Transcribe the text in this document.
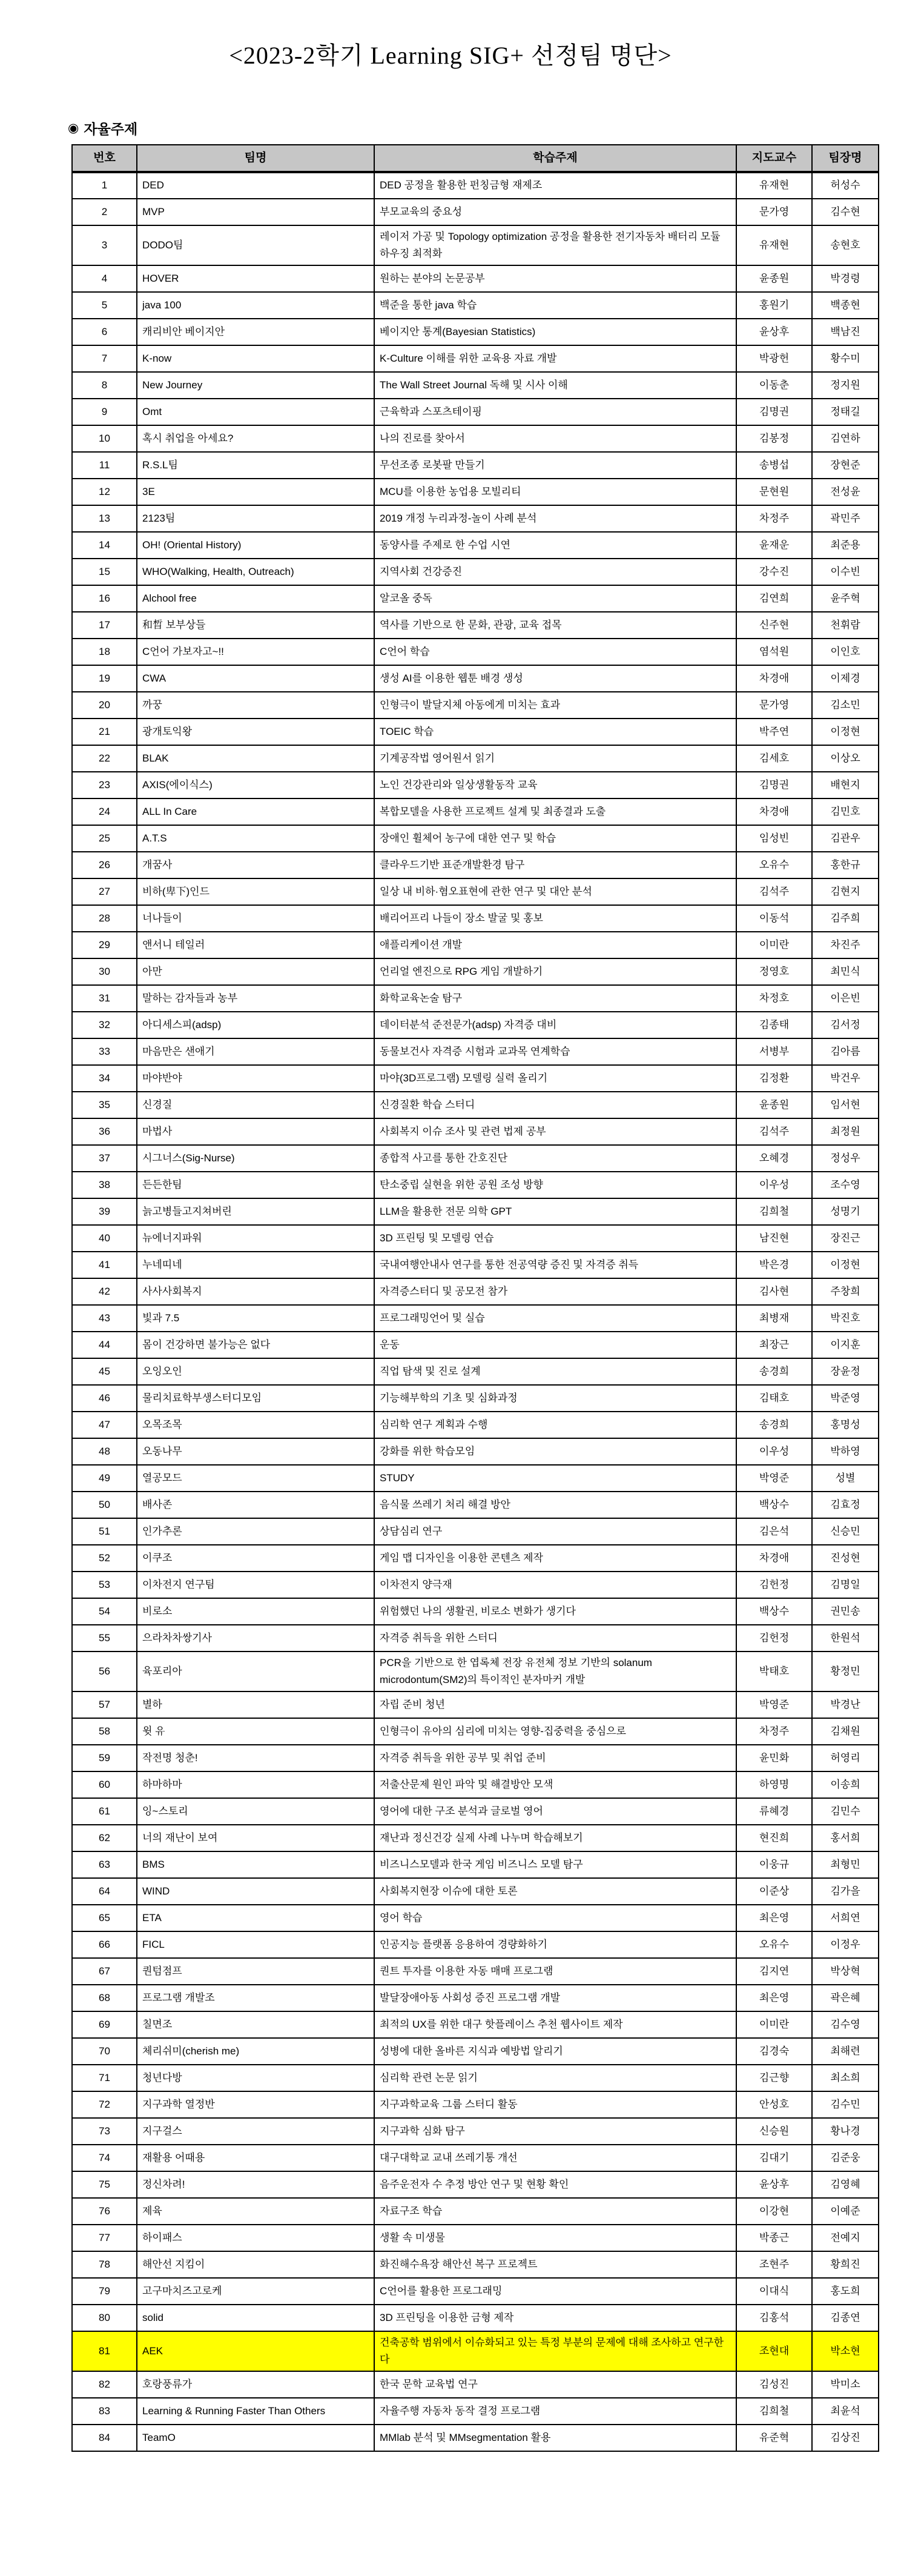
<2023-2학기 Learning SIG+ 선정팀 명단>
◉ 자율주제
번호	팀명	학습주제	지도교수	팀장명
1	DED	DED 공정을 활용한 펀칭금형 재제조	유재현	허성수
2	MVP	부모교육의 중요성	문가영	김수현
3	DODO팀	레이저 가공 및 Topology optimization 공정을 활용한 전기자동차 배터리 모듈 하우징 최적화	유재현	송현호
4	HOVER	원하는 분야의 논문공부	윤종원	박경령
5	java 100	백준을 통한 java 학습	홍원기	백종현
6	캐리비안 베이지안	베이지안 통계(Bayesian Statistics)	윤상후	백남진
7	K-now	K-Culture 이해를 위한 교육용 자료 개발	박광헌	황수미
8	New Journey	The Wall Street Journal 독해 및 시사 이해	이동춘	정지원
9	Omt	근육학과 스포츠테이핑	김명권	정태길
10	혹시 취업을 아세요?	나의 진로를 찾아서	김봉정	김연하
11	R.S.L팀	무선조종 로봇팔 만들기	송병섭	장현준
12	3E	MCU를 이용한 농업용 모빌리티	문현원	전성윤
13	2123팀	2019 개정 누리과정-놀이 사례 분석	차정주	곽민주
14	OH! (Oriental History)	동양사를 주제로 한 수업 시연	윤재운	최준용
15	WHO(Walking, Health, Outreach)	지역사회 건강증진	강수진	이수빈
16	Alchool free	알코올 중독	김연희	윤주혁
17	和晳 보부상들	역사를 기반으로 한 문화, 관광, 교육 접목	신주현	천휘람
18	C언어 가보자고~!!	C언어 학습	염석원	이인호
19	CWA	생성 AI를 이용한 웹툰 배경 생성	차경애	이제경
20	까꿍	인형극이 발달지체 아동에게 미치는 효과	문가영	김소민
21	광개토익왕	TOEIC 학습	박주연	이정현
22	BLAK	기계공작법 영어원서 읽기	김세호	이상오
23	AXIS(에이식스)	노인 건강관리와 일상생활동작 교육	김명권	배현지
24	ALL In Care	복합모델을 사용한 프로젝트 설계 및 최종결과 도출	차경애	김민호
25	A.T.S	장애인 휠체어 농구에 대한 연구 및 학습	임성빈	김관우
26	개꿈사	클라우드기반 표준개발환경 탐구	오유수	홍한규
27	비하(卑下)인드	일상 내 비하·혐오표현에 관한 연구 및 대안 분석	김석주	김현지
28	너나들이	배리어프리 나들이 장소 발굴 및 홍보	이동석	김주희
29	앤서니 테일러	애플리케이션 개발	이미란	차진주
30	아만	언리얼 엔진으로 RPG 게임 개발하기	정영호	최민식
31	말하는 감자들과 농부	화학교육논술 탐구	차정호	이은빈
32	아디세스피(adsp)	데이터분석 준전문가(adsp) 자격증 대비	김종태	김서정
33	마음만은 샌애기	동물보건사 자격증 시험과 교과목 연계학습	서병부	김아름
34	마야반야	마야(3D프로그램) 모델링 실력 올리기	김정환	박건우
35	신경질	신경질환 학습 스터디	윤종원	임서현
36	마법사	사회복지 이슈 조사 및 관련 법제 공부	김석주	최정원
37	시그너스(Sig-Nurse)	종합적 사고를 통한 간호진단	오혜경	정성우
38	든든한팀	탄소중립 실현을 위한 공원 조성 방향	이우성	조수영
39	늙고병들고지쳐버린	LLM을 활용한 전문 의학 GPT	김희철	성명기
40	뉴에너지파워	3D 프린팅 및 모델링 연습	남진현	장진근
41	누네띠네	국내여행안내사 연구를 통한 전공역량 증진 및 자격증 취득	박은경	이정현
42	사사사회복지	자격증스터디 및 공모전 참가	김사현	주창희
43	빛과 7.5	프로그래밍언어 및 실습	최병재	박진호
44	몸이 건강하면 불가능은 없다	운동	최장근	이지훈
45	오잉오인	직업 탐색 및 진로 설계	송경희	장윤정
46	물리치료학부생스터디모임	기능해부학의 기초 및 심화과정	김태호	박준영
47	오목조목	심리학 연구 계획과 수행	송경희	홍명성
48	오동나무	강화를 위한 학습모임	이우성	박하영
49	열공모드	STUDY	박영준	성별
50	배사존	음식물 쓰레기 처리 해결 방안	백상수	김효정
51	인가추론	상담심리 연구	김은석	신승민
52	이쿠조	게임 맵 디자인을 이용한 콘텐츠 제작	차경애	진성현
53	이차전지 연구팀	이차전지 양극재	김헌정	김명일
54	비로소	위험했던 나의 생활권, 비로소 변화가 생기다	백상수	권민송
55	으라차차쌍기사	자격증 취득을 위한 스터디	김헌정	한원석
56	육포리아	PCR을 기반으로 한 엽록체 전장 유전체 정보 기반의 solanum microdontum(SM2)의 특이적인 분자마커 개발	박태호	황정민
57	별하	자립 준비 청년	박영준	박경난
58	윗 유	인형극이 유아의 심리에 미치는 영향-집중력을 중심으로	차정주	김채원
59	작전명 청춘!	자격증 취득을 위한 공부 및 취업 준비	윤민화	허영리
60	하마하마	저출산문제 원인 파악 및 해결방안 모색	하영명	이송희
61	잉~스토리	영어에 대한 구조 분석과 글로벌 영어	류혜경	김민수
62	너의 재난이 보여	재난과 정신건강 실제 사례 나누며 학습해보기	현진희	홍서희
63	BMS	비즈니스모델과 한국 게임 비즈니스 모델 탐구	이웅규	최형민
64	WIND	사회복지현장 이슈에 대한 토론	이준상	김가을
65	ETA	영어 학습	최은영	서희연
66	FICL	인공지능 플랫폼 응용하여 경량화하기	오유수	이정우
67	퀀텀점프	퀀트 투자를 이용한 자동 매매 프로그램	김지연	박상혁
68	프로그램 개발조	발달장애아동 사회성 증진 프로그램 개발	최은영	곽은혜
69	칠면조	최적의 UX를 위한 대구 핫플레이스 추천 웹사이트 제작	이미란	김수영
70	체리쉬미(cherish me)	성병에 대한 올바른 지식과 예방법 알리기	김경숙	최해련
71	청년다방	심리학 관련 논문 읽기	김근향	최소희
72	지구과학 열정반	지구과학교육 그룹 스터디 활동	안성호	김수민
73	지구걸스	지구과학 심화 탐구	신승원	황나경
74	재활용 어때용	대구대학교 교내 쓰레기통 개선	김대기	김준웅
75	정신차려!	음주운전자 수 추정 방안 연구 및 현황 확인	윤상후	김영혜
76	제육	자료구조 학습	이강현	이예준
77	하이패스	생활 속 미생물	박종근	전예지
78	해안선 지킴이	화진해수욕장 해안선 복구 프로젝트	조현주	황희진
79	고구마치즈고로케	C언어를 활용한 프로그래밍	이대식	홍도희
80	solid	3D 프린팅을 이용한 금형 제작	김홍석	김종연
81	AEK	건축공학 범위에서 이슈화되고 있는 특정 부분의 문제에 대해 조사하고 연구한다	조현대	박소현
82	호랑풍류가	한국 문학 교육법 연구	김성진	박미소
83	Learning & Running Faster Than Others	자율주행 자동차 동작 결정 프로그램	김희철	최윤석
84	TeamO	MMlab 분석 및 MMsegmentation 활용	유준혁	김상진
